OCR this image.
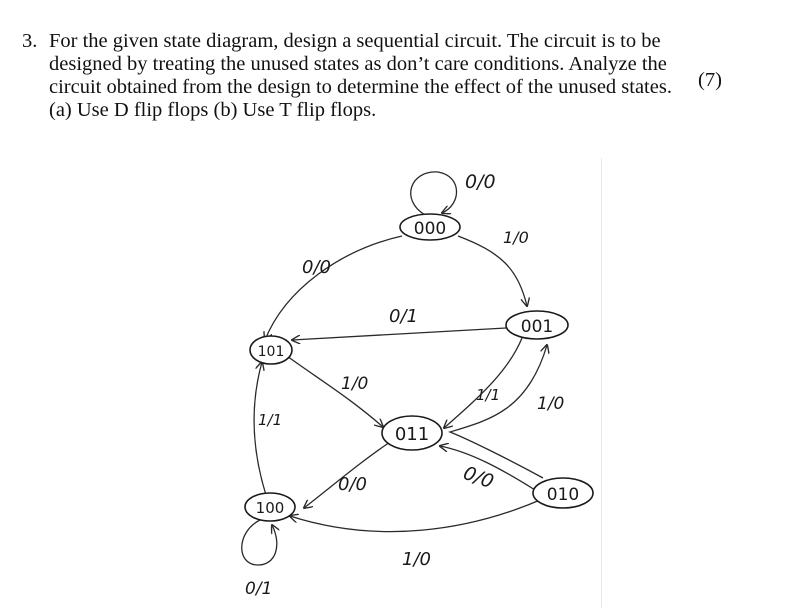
3. For the given state diagram, design a sequential circuit. The circuit is to be
designed by treating the unused states as don’t care conditions. Analyze the
circuit obtained from the design to determine the effect of the unused states.
(a) Use D flip flops (b) Use T flip flops.
(7)
000
001
011
010
101
100
0/0
1/0
0/0
0/1
1/1 1/0
0/0
0/0
1/0
1/1
1/0
0/1
